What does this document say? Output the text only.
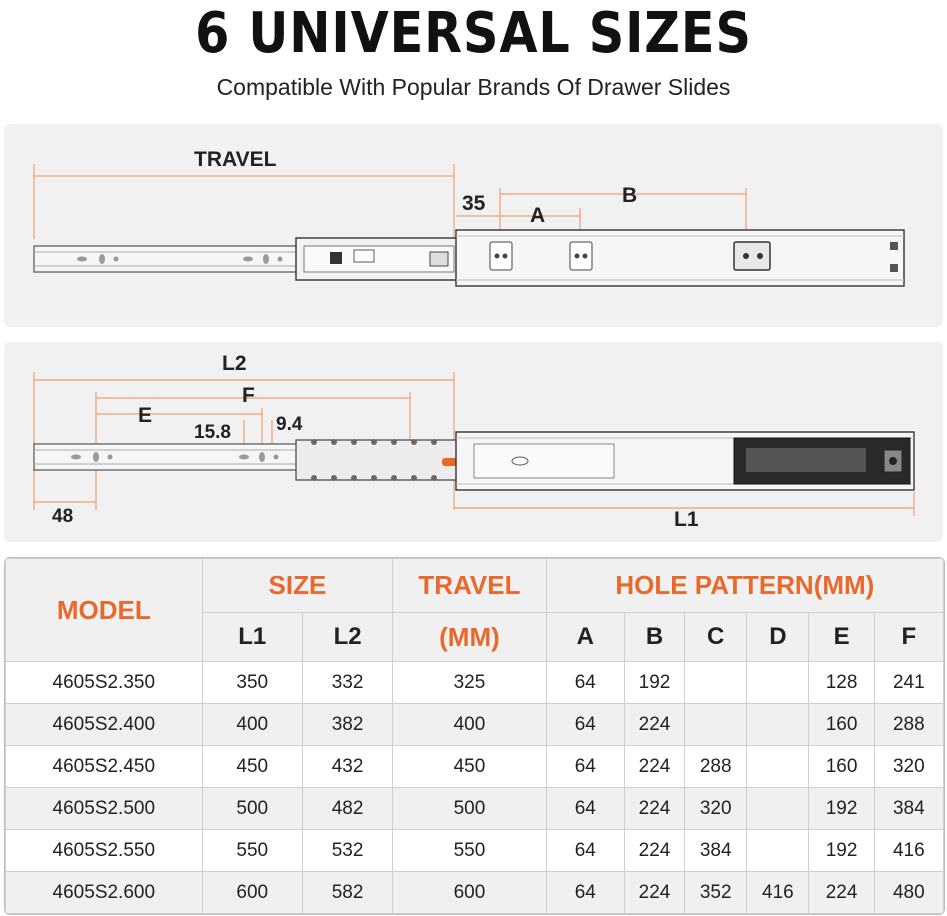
6 UNIVERSAL SIZES
Compatible With Popular Brands Of Drawer Slides
TRAVEL
35
A
B
L2
F
E
15.8 9.4
48	L1
MODEL	SIZE		TRAVEL	HOLE PATTERN(MM)					
	L1	L2	(MM)	A	B	C	D	E	F
4605S2.350	350	332	325	64	192			128	241
4605S2.400	400	382	400	64	224			160	288
4605S2.450	450	432	450	64	224	288		160	320
4605S2.500	500	482	500	64	224	320		192	384
4605S2.550	550	532	550	64	224	384		192	416
4605S2.600	600	582	600	64	224	352	416	224	480
